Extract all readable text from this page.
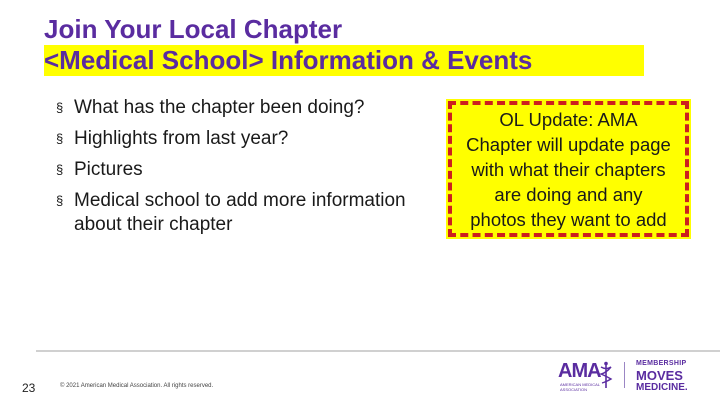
Join Your Local Chapter
<Medical School> Information & Events
§ What has the chapter been doing?
§ Highlights from last year?
§ Pictures
§ Medical school to add more information about their chapter
OL Update: AMA
Chapter will update page
with what their chapters
are doing and any
photos they want to add
23	© 2021 American Medical Association. All rights reserved.
AMA
AMERICAN MEDICAL ASSOCIATION
MEMBERSHIP
MOVES
MEDICINE.
